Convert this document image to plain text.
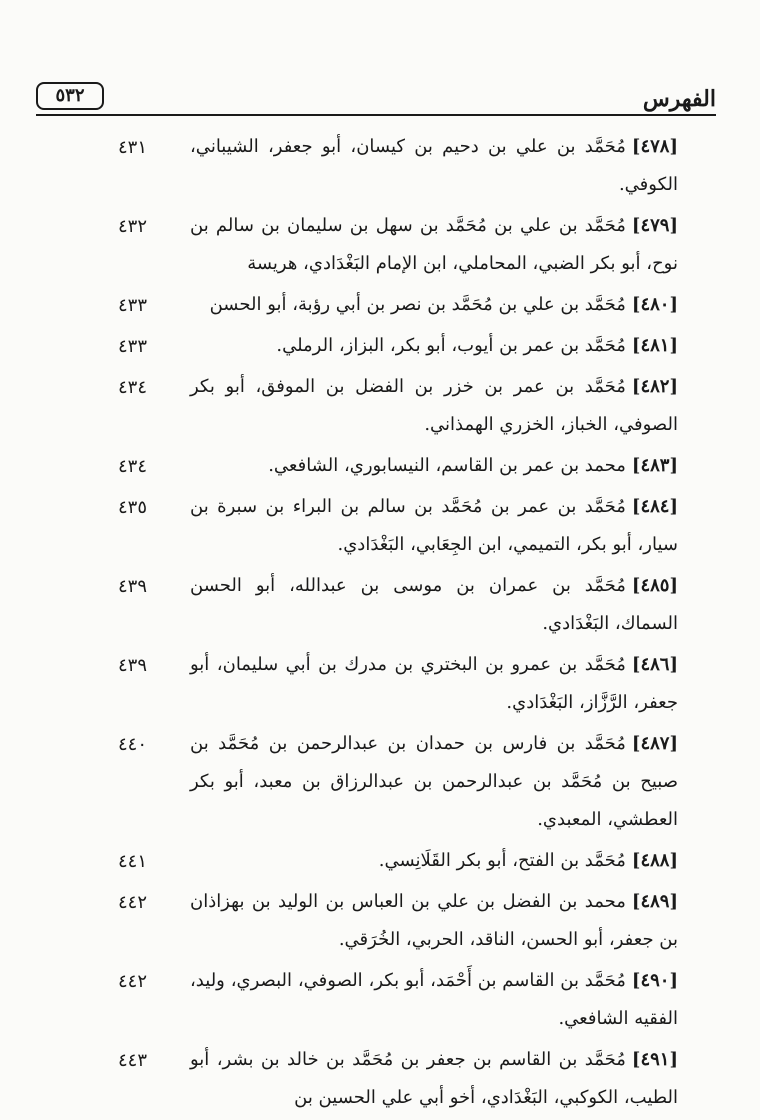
الفهرس
٥٣٢
[٤٧٨]مُحَمَّد بن علي بن دحيم بن كيسان، أبو جعفر، الشيباني، الكوفي.
٤٣١
[٤٧٩]مُحَمَّد بن علي بن مُحَمَّد بن سهل بن سليمان بن سالم بن نوح، أبو بكر الضبي، المحاملي، ابن الإمام البَغْدَادي، هريسة
٤٣٢
[٤٨٠]مُحَمَّد بن علي بن مُحَمَّد بن نصر بن أبي رؤبة، أبو الحسن
٤٣٣
[٤٨١]مُحَمَّد بن عمر بن أيوب، أبو بكر، البزاز، الرملي.
٤٣٣
[٤٨٢]مُحَمَّد بن عمر بن خزر بن الفضل بن الموفق، أبو بكر الصوفي، الخباز، الخزري الهمذاني.
٤٣٤
[٤٨٣]محمد بن عمر بن القاسم، النيسابوري، الشافعي.
٤٣٤
[٤٨٤]مُحَمَّد بن عمر بن مُحَمَّد بن سالم بن البراء بن سبرة بن سيار، أبو بكر، التميمي، ابن الجِعَابي، البَغْدَادي.
٤٣٥
[٤٨٥]مُحَمَّد بن عمران بن موسى بن عبدالله، أبو الحسن السماك، البَغْدَادي.
٤٣٩
[٤٨٦]مُحَمَّد بن عمرو بن البختري بن مدرك بن أبي سليمان، أبو جعفر، الرَّزَّاز، البَغْدَادي.
٤٣٩
[٤٨٧]مُحَمَّد بن فارس بن حمدان بن عبدالرحمن بن مُحَمَّد بن صبيح بن مُحَمَّد بن عبدالرحمن بن عبدالرزاق بن معبد، أبو بكر العطشي، المعبدي.
٤٤٠
[٤٨٨]مُحَمَّد بن الفتح، أبو بكر القَلَانِسي.
٤٤١
[٤٨٩]محمد بن الفضل بن علي بن العباس بن الوليد بن بهزاذان بن جعفر، أبو الحسن، الناقد، الحربي، الخُرَقي.
٤٤٢
[٤٩٠]مُحَمَّد بن القاسم بن أَحْمَد، أبو بكر، الصوفي، البصري، وليد، الفقيه الشافعي.
٤٤٢
[٤٩١]مُحَمَّد بن القاسم بن جعفر بن مُحَمَّد بن خالد بن بشر، أبو الطيب، الكوكبي، البَغْدَادي، أخو أبي علي الحسين بن
٤٤٣
